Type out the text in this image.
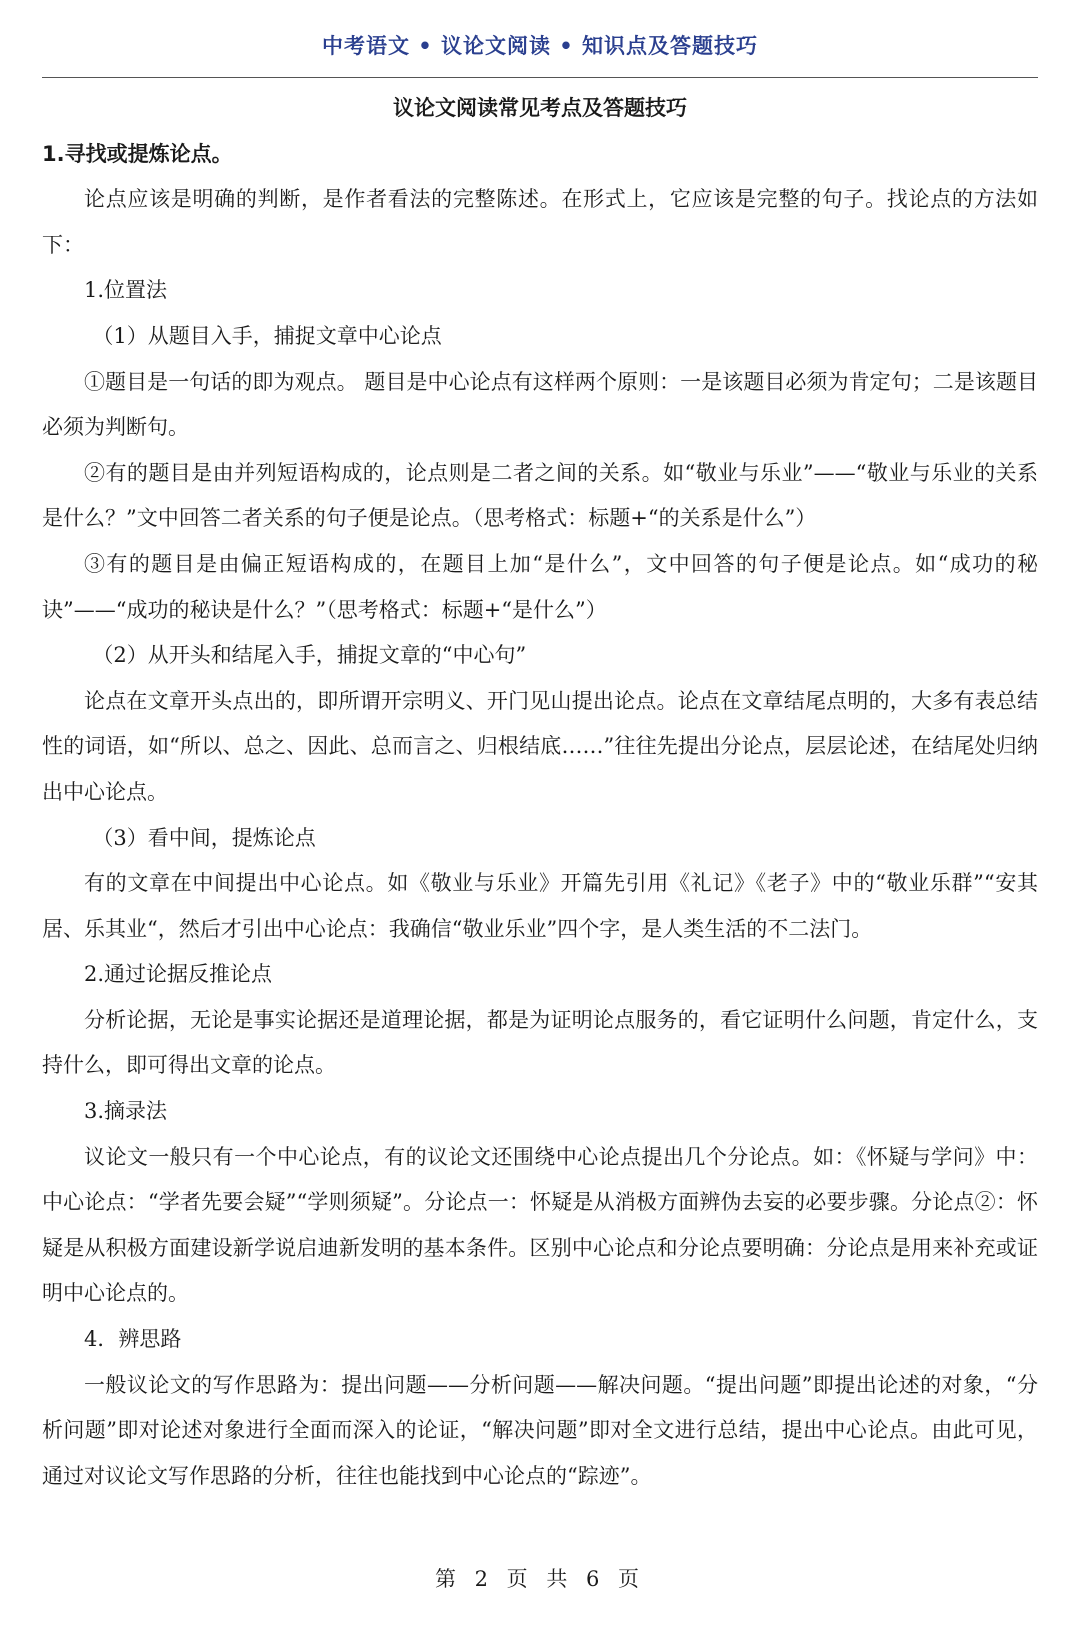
中考语文 • 议论文阅读 • 知识点及答题技巧
议论文阅读常见考点及答题技巧
1.寻找或提炼论点。

论点应该是明确的判断，是作者看法的完整陈述。在形式上，它应该是完整的句子。找论点的方法如下：

1.位置法

（1）从题目入手，捕捉文章中心论点

①题目是一句话的即为观点。 题目是中心论点有这样两个原则：一是该题目必须为肯定句；二是该题目必须为判断句。

②有的题目是由并列短语构成的，论点则是二者之间的关系。如“敬业与乐业”——“敬业与乐业的关系是什么？”文中回答二者关系的句子便是论点。（思考格式：标题+“的关系是什么”）

③有的题目是由偏正短语构成的，在题目上加“是什么”，文中回答的句子便是论点。如“成功的秘诀”——“成功的秘诀是什么？”（思考格式：标题+“是什么”）

（2）从开头和结尾入手，捕捉文章的“中心句”

论点在文章开头点出的，即所谓开宗明义、开门见山提出论点。论点在文章结尾点明的，大多有表总结性的词语，如“所以、总之、因此、总而言之、归根结底……”往往先提出分论点，层层论述，在结尾处归纳出中心论点。

（3）看中间，提炼论点

有的文章在中间提出中心论点。如《敬业与乐业》开篇先引用《礼记》《老子》中的“敬业乐群”“安其居、乐其业“，然后才引出中心论点：我确信“敬业乐业”四个字，是人类生活的不二法门。

2.通过论据反推论点

分析论据，无论是事实论据还是道理论据，都是为证明论点服务的，看它证明什么问题，肯定什么，支持什么，即可得出文章的论点。

3.摘录法

议论文一般只有一个中心论点，有的议论文还围绕中心论点提出几个分论点。如：《怀疑与学问》中：中心论点：“学者先要会疑”“学则须疑”。分论点一：怀疑是从消极方面辨伪去妄的必要步骤。分论点②：怀疑是从积极方面建设新学说启迪新发明的基本条件。区别中心论点和分论点要明确：分论点是用来补充或证明中心论点的。

4．辨思路

一般议论文的写作思路为：提出问题——分析问题——解决问题。“提出问题”即提出论述的对象，“分析问题”即对论述对象进行全面而深入的论证，“解决问题”即对全文进行总结，提出中心论点。由此可见，通过对议论文写作思路的分析，往往也能找到中心论点的“踪迹”。

第 2 页 共 6 页
